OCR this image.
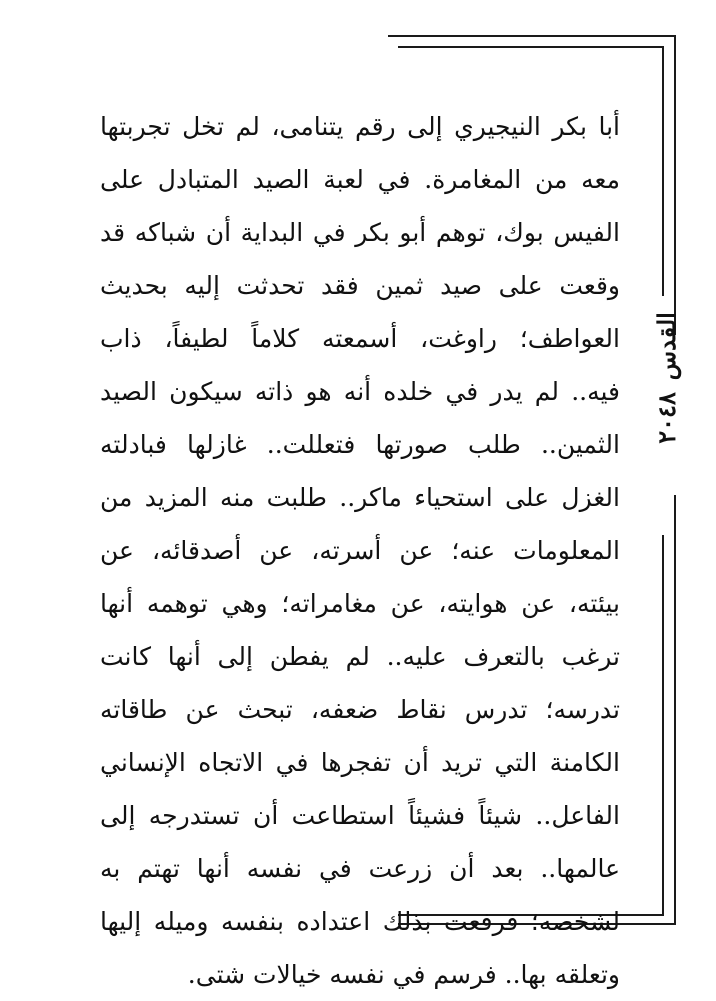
القدس
٢٠٤٨
أبا بكر النيجيري إلى رقم يتنامى، لم تخل تجربتها
معه من المغامرة. في لعبة الصيد المتبادل على
الفيس بوك، توهم أبو بكر في البداية أن شباكه قد
وقعت على صيد ثمين فقد تحدثت إليه بحديث
العواطف؛ راوغت، أسمعته كلاماً لطيفاً، ذاب
فيه.. لم يدر في خلده أنه هو ذاته سيكون الصيد
الثمين.. طلب صورتها فتعللت.. غازلها فبادلته
الغزل على استحياء ماكر.. طلبت منه المزيد من
المعلومات عنه؛ عن أسرته، عن أصدقائه، عن
بيئته، عن هوايته، عن مغامراته؛ وهي توهمه أنها
ترغب بالتعرف عليه.. لم يفطن إلى أنها كانت
تدرسه؛ تدرس نقاط ضعفه، تبحث عن طاقاته
الكامنة التي تريد أن تفجرها في الاتجاه الإنساني
الفاعل.. شيئاً فشيئاً استطاعت أن تستدرجه إلى
عالمها.. بعد أن زرعت في نفسه أنها تهتم به
لشخصه؛ فرفعت بذلك اعتداده بنفسه وميله إليها
وتعلقه بها.. فرسم في نفسه خيالات شتى.
